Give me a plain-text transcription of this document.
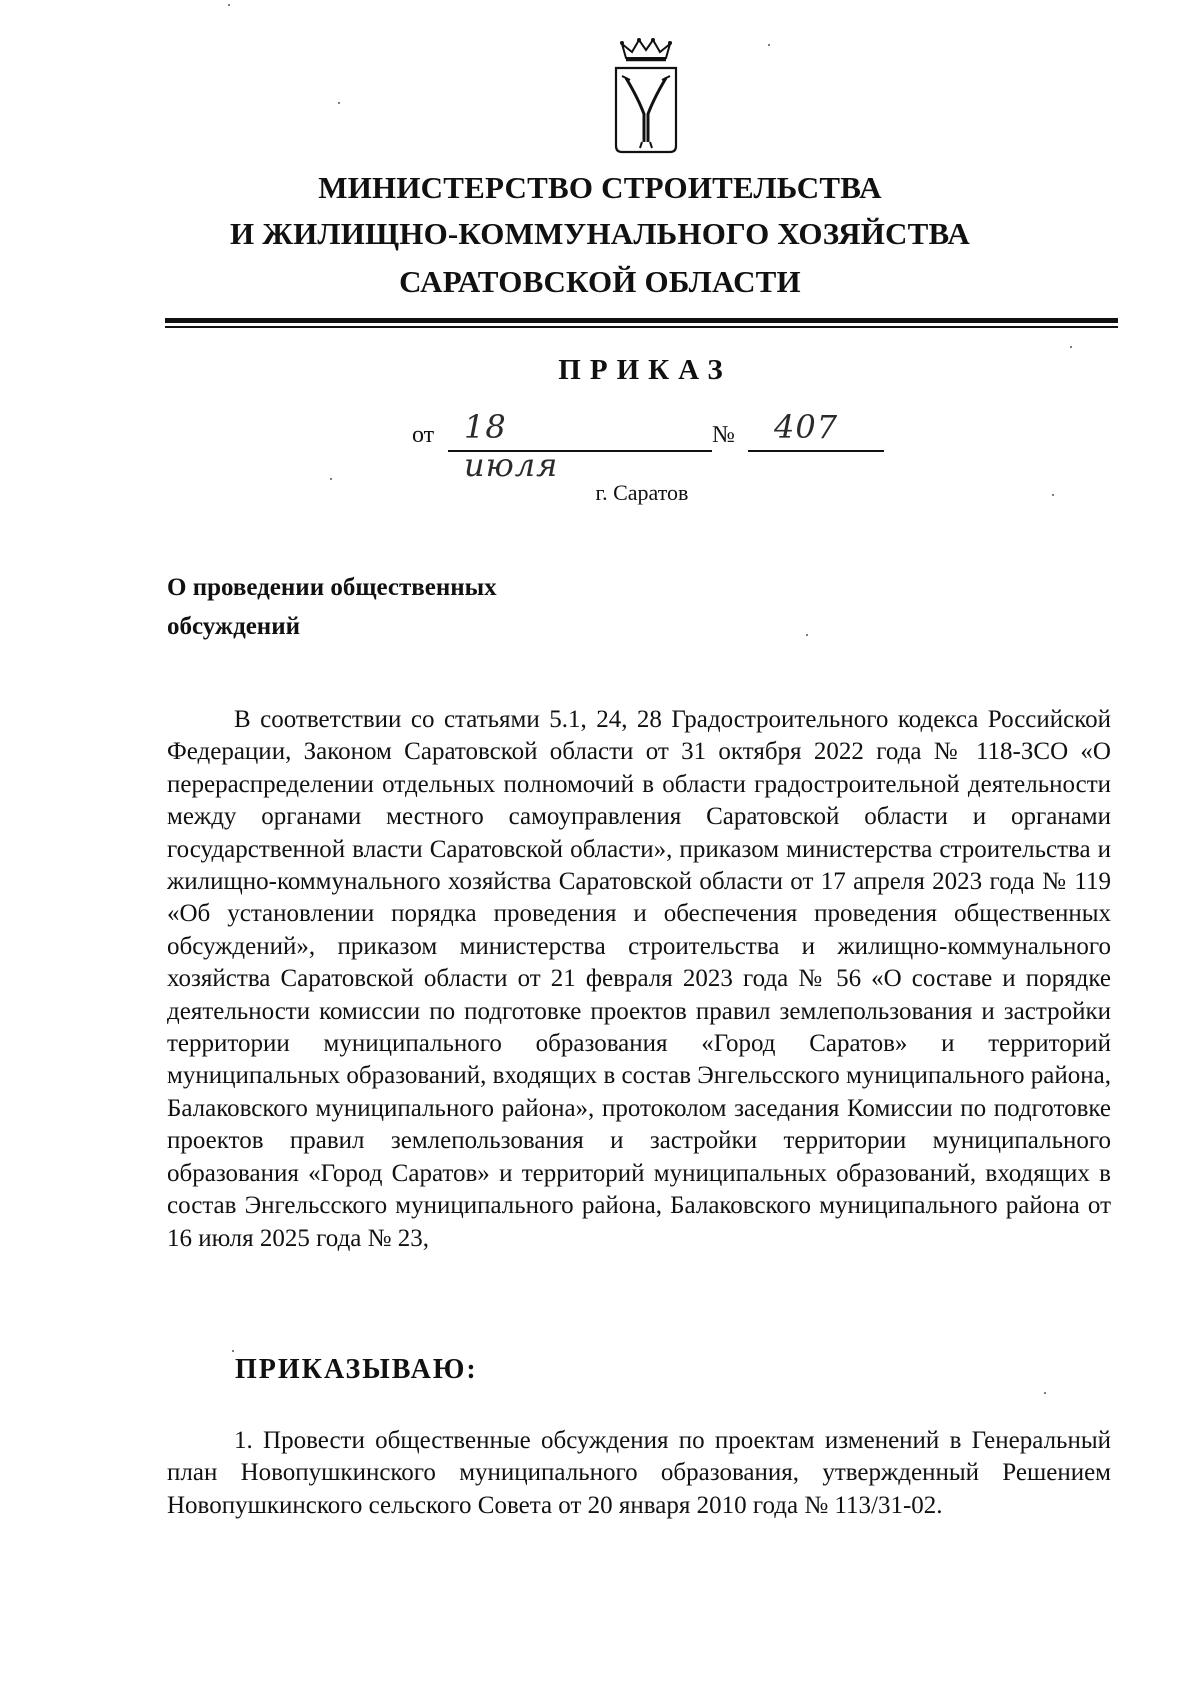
МИНИСТЕРСТВО СТРОИТЕЛЬСТВА
И ЖИЛИЩНО-КОММУНАЛЬНОГО ХОЗЯЙСТВА
САРАТОВСКОЙ ОБЛАСТИ
ПРИКАЗ
от 18 июля
№ 407
г. Саратов
О проведении общественных
обсуждений

В соответствии со статьями 5.1, 24, 28 Градостроительного кодекса Российской Федерации, Законом Саратовской области от 31 октября 2022 года № 118-ЗСО «О перераспределении отдельных полномочий в области градостроительной деятельности между органами местного самоуправления Саратовской области и органами государственной власти Саратовской области», приказом министерства строительства и жилищно-коммунального хозяйства Саратовской области от 17 апреля 2023 года № 119 «Об установлении порядка проведения и обеспечения проведения общественных обсуждений», приказом министерства строительства и жилищно-коммунального хозяйства Саратовской области от 21 февраля 2023 года № 56 «О составе и порядке деятельности комиссии по подготовке проектов правил землепользования и застройки территории муниципального образования «Город Саратов» и территорий муниципальных образований, входящих в состав Энгельсского муниципального района, Балаковского муниципального района», протоколом заседания Комиссии по подготовке проектов правил землепользования и застройки территории муниципального образования «Город Саратов» и территорий муниципальных образований, входящих в состав Энгельсского муниципального района, Балаковского муниципального района от 16 июля 2025 года № 23,

ПРИКАЗЫВАЮ:

1. Провести общественные обсуждения по проектам изменений в Генеральный план Новопушкинского муниципального образования, утвержденный Решением Новопушкинского сельского Совета от 20 января 2010 года № 113/31-02.
